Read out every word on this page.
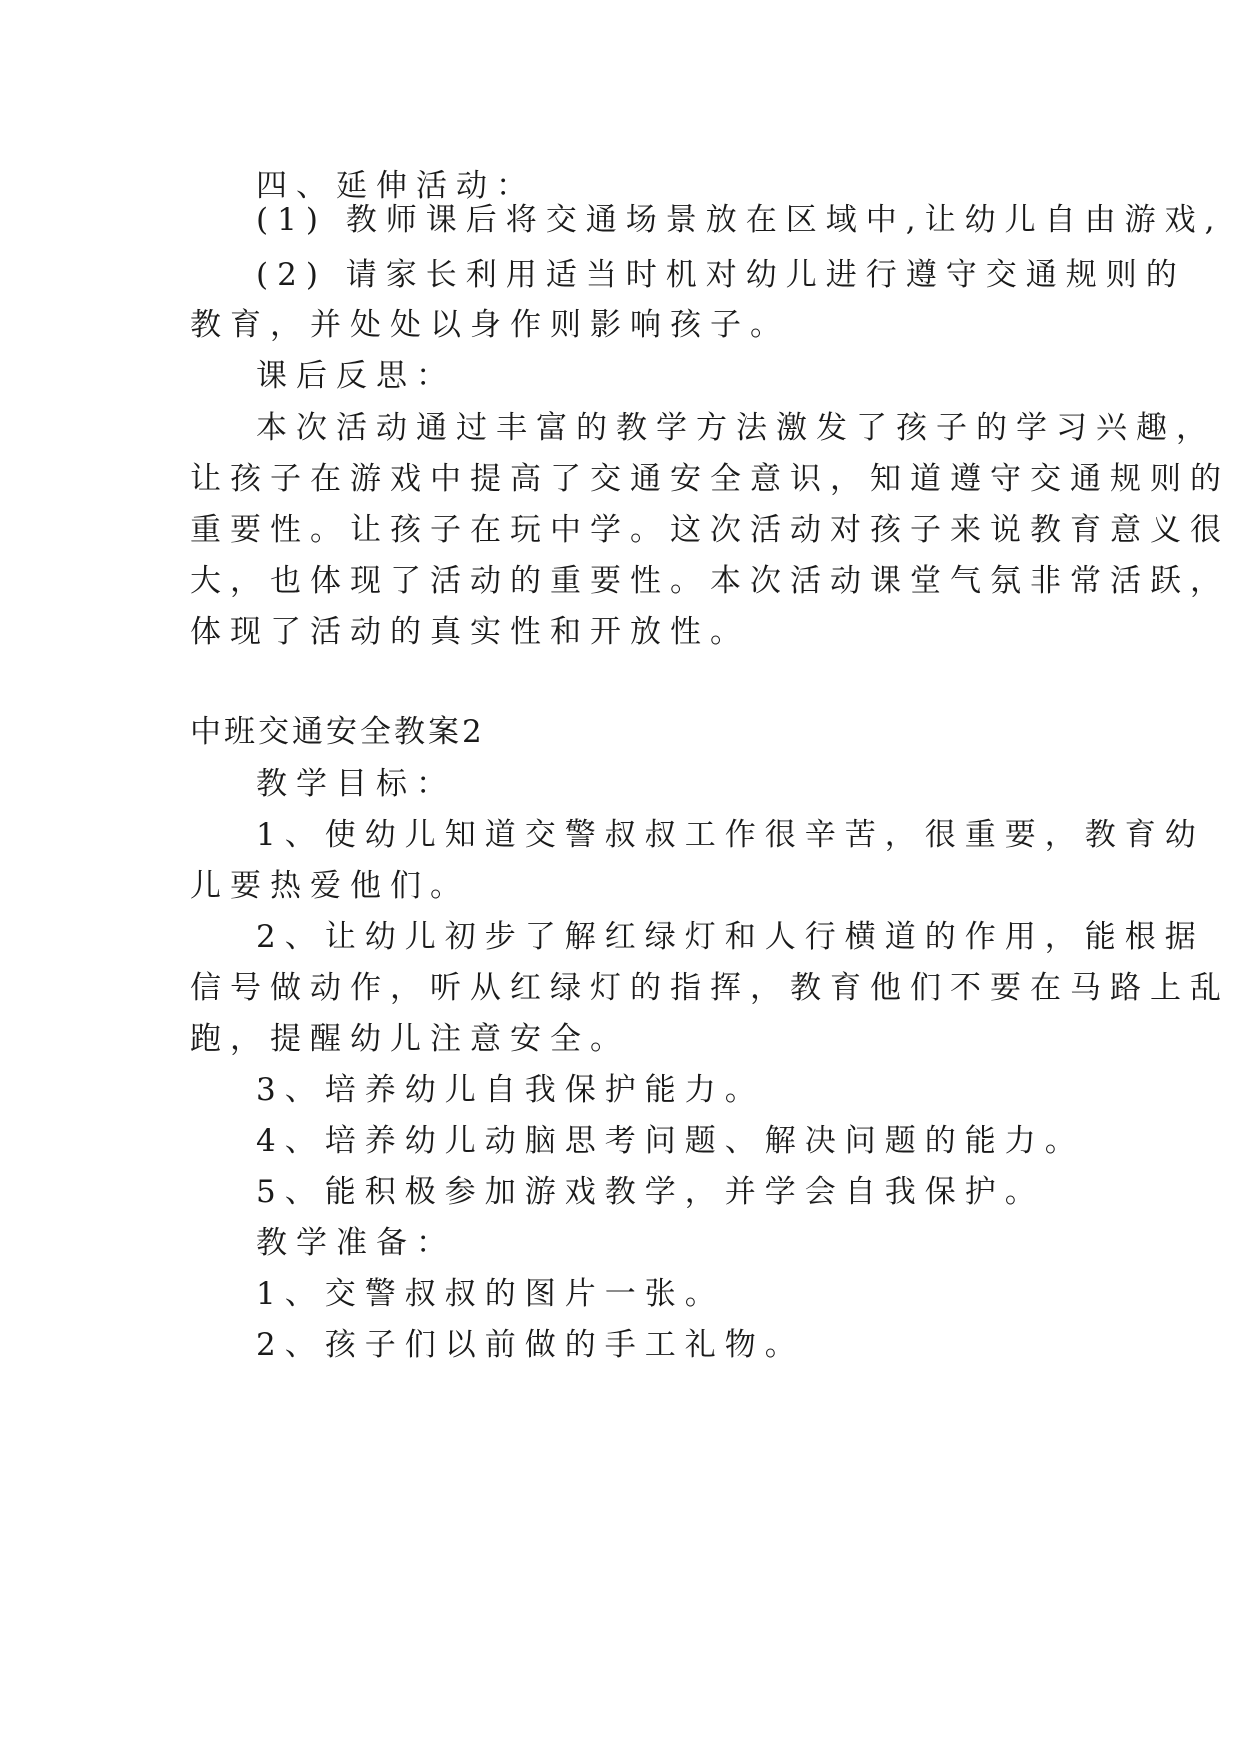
四、延伸活动：
(1) 教师课后将交通场景放在区域中,让幼儿自由游戏,
(2) 请家长利用适当时机对幼儿进行遵守交通规则的
教育，并处处以身作则影响孩子。
课后反思：
本次活动通过丰富的教学方法激发了孩子的学习兴趣，
让孩子在游戏中提高了交通安全意识，知道遵守交通规则的
重要性。让孩子在玩中学。这次活动对孩子来说教育意义很
大，也体现了活动的重要性。本次活动课堂气氛非常活跃，
体现了活动的真实性和开放性。
中班交通安全教案2
教学目标：
1、使幼儿知道交警叔叔工作很辛苦，很重要，教育幼
儿要热爱他们。
2、让幼儿初步了解红绿灯和人行横道的作用，能根据
信号做动作，听从红绿灯的指挥，教育他们不要在马路上乱
跑，提醒幼儿注意安全。
3、培养幼儿自我保护能力。
4、培养幼儿动脑思考问题、解决问题的能力。
5、能积极参加游戏教学，并学会自我保护。
教学准备：
1、交警叔叔的图片一张。
2、孩子们以前做的手工礼物。
